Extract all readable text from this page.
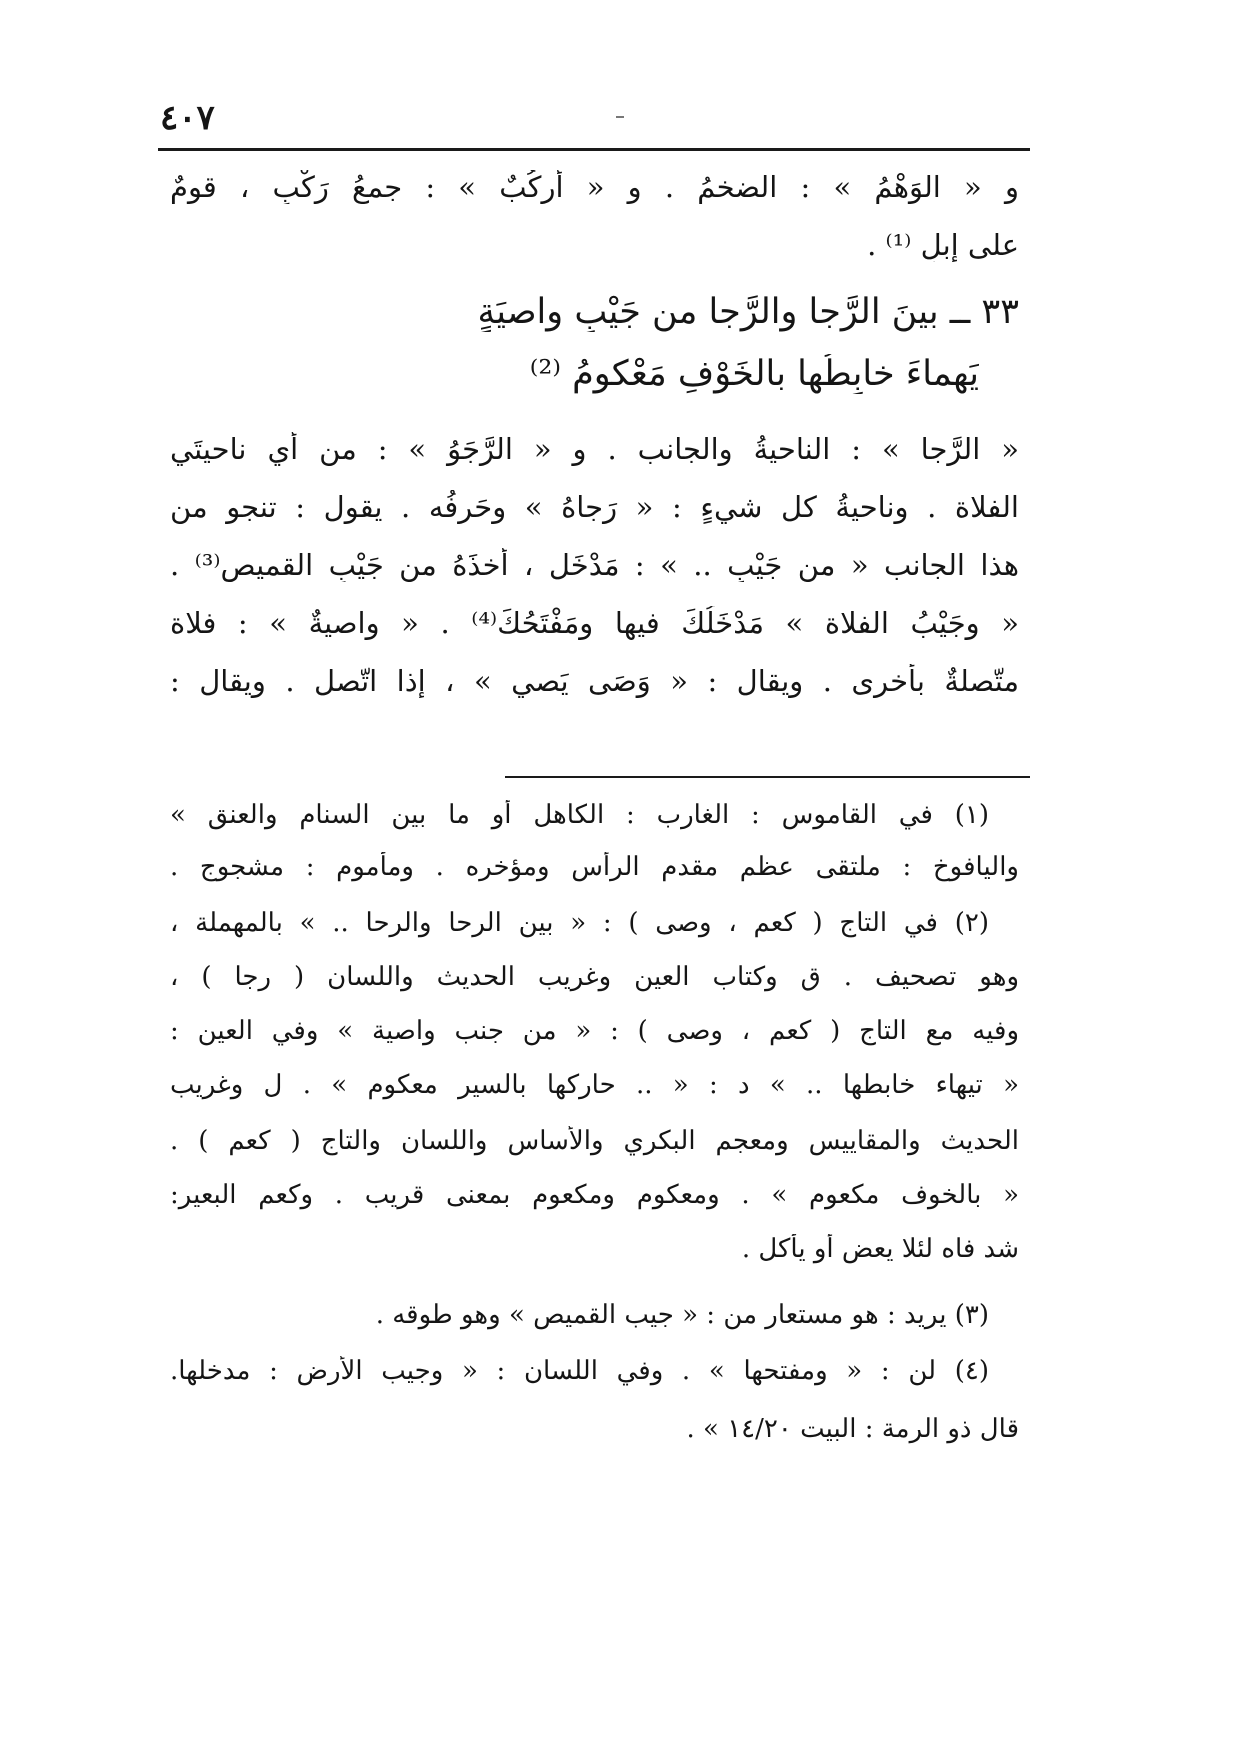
٤٠٧
و « الوَهْمُ » : الضخمُ . و « أركُبٌ » : جمعُ رَكْبٍ ، قومٌ
على إبلٍ ⁽¹⁾ .
٣٣ ــ بينَ الرَّجا والرَّجا من جَيْبٍ واصيَةٍ
يَهماءَ خابِطُها بالخَوْفِ مَعْكومُ ⁽²⁾
« الرَّجا » : الناحيةُ والجانب . و « الرَّجَوُ » : من أي ناحيتَي
الفلاة . وناحيةُ كل شيءٍ : « رَجاهُ » وحَرفُه . يقول : تنجو من
هذا الجانب « من جَيْبٍ .. » : مَدْخَل ، أخذَهُ من جَيْبِ القميص⁽³⁾ .
« وجَيْبُ الفلاة » مَدْخَلُكَ فيها ومَفْتَحُكَ⁽⁴⁾ . « واصيةٌ » : فلاة
متّصلةٌ بأخرى . ويقال : « وَصَى يَصي » ، إذا اتّصل . ويقال :
(١) في القاموس : الغارب : الكاهل أو ما بين السنام والعنق »
واليافوخ : ملتقى عظم مقدم الرأس ومؤخره . ومأموم : مشجوج .
(٢) في التاج ( كعم ، وصى ) : « بين الرحا والرحا .. » بالمهملة ،
وهو تصحيف . ق وكتاب العين وغريب الحديث واللسان ( رجا ) ،
وفيه مع التاج ( كعم ، وصى ) : « من جنب واصية » وفي العين :
« تيهاء خابطها .. » د : « .. حاركها بالسير معكوم » . ل وغريب
الحديث والمقاييس ومعجم البكري والأساس واللسان والتاج ( كعم ) .
« بالخوف مكعوم » . ومعكوم ومكعوم بمعنى قريب . وكعم البعير:
شد فاه لئلا يعض أو يأكل .
(٣) يريد : هو مستعار من : « جيب القميص » وهو طوقه .
(٤) لن : « ومفتحها » . وفي اللسان : « وجيب الأرض : مدخلها.
قال ذو الرمة : البيت ١٤/٢٠ » .
